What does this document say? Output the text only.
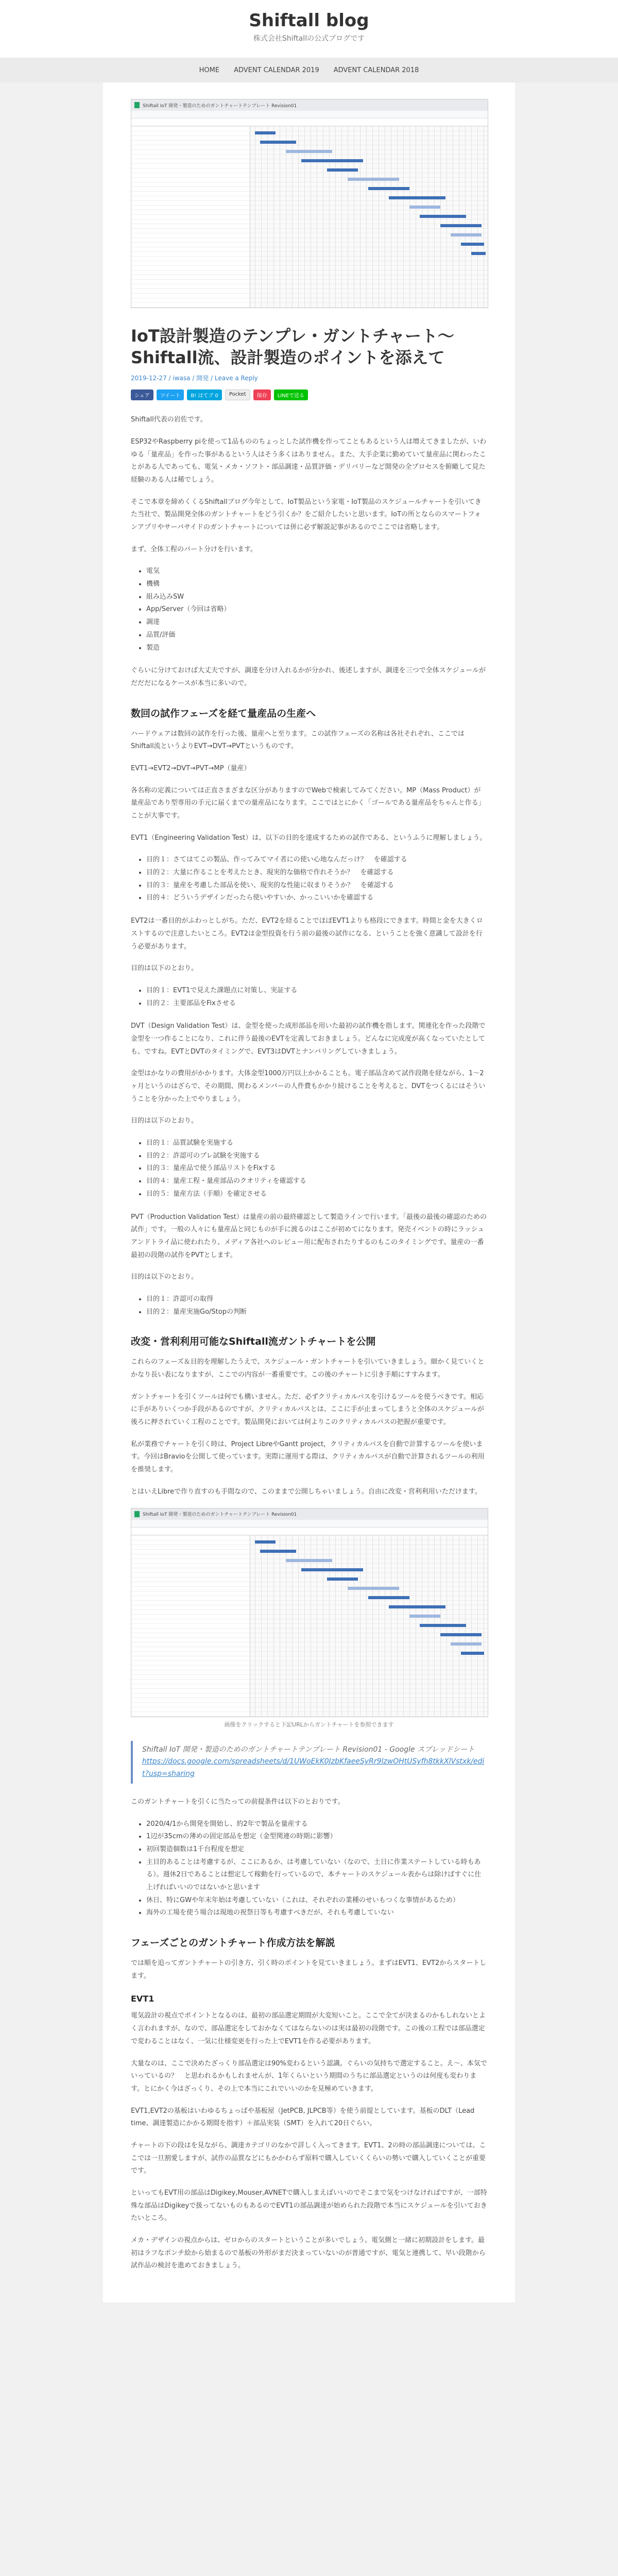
Shiftall blog
株式会社Shiftallの公式ブログです
HOME ADVENT CALENDAR 2019 ADVENT CALENDAR 2018
Shiftall IoT 開発・製造のためのガントチャートテンプレート Revision01
IoT設計製造のテンプレ・ガントチャート〜Shiftall流、設計製造のポイントを添えて
2019-12-27 / iwasa / 開発 / Leave a Reply
シェア	ツイート	B! はてブ 0	Pocket	保存	LINEで送る

Shiftall代表の岩佐です。

ESP32やRaspberry piを使って1品もののちょっとした試作機を作ってこともあるという人は増えてきましたが、いわゆる「量産品」を作った事があるという人はそう多くはありません。また、大手企業に勤めていて量産品に関わったことがある人であっても、電気・メカ・ソフト・部品調達・品質評価・デリバリーなど開発の全プロセスを俯瞰して見た経験のある人は稀でしょう。

そこで本章を締めくくるShiftallブログ今年として、IoT製品という家電・IoT製品のスケジュールチャートを引いてきた当社で、製品開発全体のガントチャートをどう引くか？をご紹介したいと思います。IoTの所とならのスマートフォンアプリやサーバサイドのガントチャートについては併に必ず解説記事があるのでここでは省略します。

まず、全体工程のパート分けを行います。

• 電気
• 機構
• 組み込みSW
• App/Server（今回は省略）
• 調達
• 品質/評価
• 製造

ぐらいに分けておけば大丈夫ですが、調達を分け入れるかが分かれ、後述しますが、調達を三つで全体スケジュールがだだだになるケースが本当に多いので。

数回の試作フェーズを経て量産品の生産へ

ハードウェアは数回の試作を行った後、量産へと至ります。この試作フェーズの名称は各社それぞれ、ここではShiftall流というよりEVT→DVT→PVTというものです。

EVT1→EVT2→DVT→PVT→MP（量産）

各名称の定義については正直さまざまな区分がありますのでWebで検索してみてください。MP（Mass Product）が量産品であり型専用の手元に届くまでの量産品になります。ここではとにかく「ゴールである量産品をちゃんと作る」ことが大事です。

EVT1（Engineering Validation Test）は、以下の目的を達成するための試作である、というふうに理解しましょう。

• 目的１：さてはてこの製品、作ってみてマイ者にの使い心地なんだっけ？　を確認する
• 目的２：大量に作ることを考えたとき、現実的な価格で作れそうか？　を確認する
• 目的３：量産を考慮した部品を使い、現実的な性能に収まりそうか？　を確認する
• 目的４：どういうデザインだったら使いやすいか、かっこいいかを確認する

EVT2は一番目的がふわっとしがち。ただ、EVT2を経ることでほぼEVT1よりも格段にできます。時間と金を大きくロストするので注意したいところ。EVT2は金型投資を行う前の最後の試作になる、ということを強く意識して設計を行う必要があります。

目的は以下のとおり。

• 目的１：EVT1で見えた課題点に対策し、実証する
• 目的２：主要部品をFixさせる

DVT（Design Validation Test）は、金型を使った成形部品を用いた最初の試作機を指します。関連化を作った段階で金型を一つ作ることになり、これに伴う最後のEVTを定義しておきましょう。どんなに完成度が高くなっていたとしても、ですね。EVTとDVTのタイミングで、EVT3はDVTとナンバリングしていきましょう。

金型はかなりの費用がかかります。大体金型1000万円以上かかることも。電子部品含めて試作段階を経ながら、1〜2ヶ月というのはざらで、その期間、関わるメンバーの人件費もかかり続けることを考えると、DVTをつくるにはそういうことを分かった上でやりましょう。

目的は以下のとおり。

• 目的１：品質試験を実施する
• 目的２：許認可のプレ試験を実施する
• 目的３：量産品で使う部品リストをFixする
• 目的４：量産工程・量産部品のクオリティを確認する
• 目的５：量産方法（手順）を確定させる

PVT（Production Validation Test）は量産の前の最終確認として製造ラインで行います。「最後の最後の確認のための試作」です。一般の人々にも量産品と同じものが手に渡るのはここが初めてになります。発売イベントの時にラッシュアンドトライ品に使われたり、メディア各社へのレビュー用に配布されたりするのもこのタイミングです。量産の一番最初の段階の試作をPVTとします。

目的は以下のとおり。

• 目的１：許認可の取得
• 目的２：量産実施Go/Stopの判断
改変・営利利用可能なShiftall流ガントチャートを公開

これらのフェーズ＆目的を理解したうえで、スケジュール・ガントチャートを引いていきましょう。細かく見ていくとかなり長い表になりますが、ここでの内容が一番重要です。この後のチャートに引き手順にすすみます。

ガントチャートを引くツールは何でも構いません。ただ、必ずクリティカルパスを引けるツールを使うべきです。相応に手がありいくつか手段があるのですが、クリティカルパスとは、ここに手が止まってしまうと全体のスケジュールが後ろに押されていく工程のことです。製品開発においては何よりこのクリティカルパスの把握が重要です。

私が業務でチャートを引く時は、Project LibreやGantt project，クリティカルパスを自動で計算するツールを使います。今回はBravioを公開して使っています。実際に運用する際は、クリティカルパスが自動で計算されるツールの利用を推奨します。

とはいえLibreで作り直すのも手間なので、このままで公開しちゃいましょう。自由に改変・営利利用いただけます。

Shiftall IoT 開発・製造のためのガントチャートテンプレート Revision01
画像をクリックすると下記URLからガントチャートを参照できます
Shiftall IoT 開発・製造のためのガントチャートテンプレート Revision01 - Google スプレッドシート
https://docs.google.com/spreadsheets/d/1UWoEkK0JzbKfaeeSyRr9lzwOHtUSyfh8tkkXlVstxk/edit?usp=sharing

このガントチャートを引くに当たっての前提条件は以下のとおりです。

• 2020/4/1から開発を開始し、約2年で製品を量産する
• 1辺が35cmの薄めの固定部品を想定（金型関連の時期に影響）
• 初回製造個数は1千台程度を想定
• 主目的あることは考慮するが、ここにあるか、は考慮していない（なので、土日に作業ステートしている時もある）。週休2日であることは想定して稼動を行っているので、本チャートのスケジュール表からは除けばすぐに仕上げればいいのではないかと思います
• 休日、特にGWや年末年始は考慮していない（これは、それぞれの業種のせいもつくな事情があるため）
• 海外の工場を使う場合は現地の祝祭日等も考慮すべきだが、それも考慮していない
フェーズごとのガントチャート作成方法を解説

では順を追ってガントチャートの引き方、引く時のポイントを見ていきましょう。まずはEVT1、EVT2からスタートします。

EVT1

電気設計の視点でポイントとなるのは、最初の部品選定期間が大変短いこと。ここで全てが決まるのかもしれないとよく言われますが、なので、部品選定をしておかなくてはならないのは実は最初の段階です。この後の工程では部品選定で変わることはなく、一気に仕様変更を行った上でEVT1を作る必要があります。

大量なのは、ここで決めたざっくり部品選定は90%変わるという認識。ぐらいの気持ちで選定すること。え〜、本気でいっているの？　と思われるかもしれませんが、1年くらいという期間のうちに部品選定というのは何度も変わります。とにかく今はざっくり、その上で本当にこれでいいのかを見極めていきます。

EVT1,EVT2の基板はいわゆるちょっぱや基板屋（JetPCB, JLPCB等）を使う前提としています。基板のDLT（Lead time、調達製造にかかる期間を指す）＋部品実装（SMT）を入れて20日ぐらい。

チャートの下の段はを見ながら、調達カテゴリのなかで詳しく入ってきます。EVT1、2の時の部品調達については、ここでは一旦割愛しますが、試作の品質などにもかかわらず原料で購入していくくらいの勢いで購入していくことが重要です。

といってもEVT用の部品はDigikey,Mouser,AVNETで購入しまえばいいのでそこまで気をつけなければですが、一部特殊な部品はDigikeyで扱ってないものもあるのでEVT1の部品調達が始められた段階で本当にスケジュールを引いておきたいところ。

メカ・デザインの視点からは、ゼロからのスタートということが多いでしょう。電気側と一緒に初期設計をします。最初はラフなポンチ絵から始まるので基板の外形がまだ決まっていないのが普通ですが、電気と連携して、早い段階から試作品の検討を進めておきましょう。
